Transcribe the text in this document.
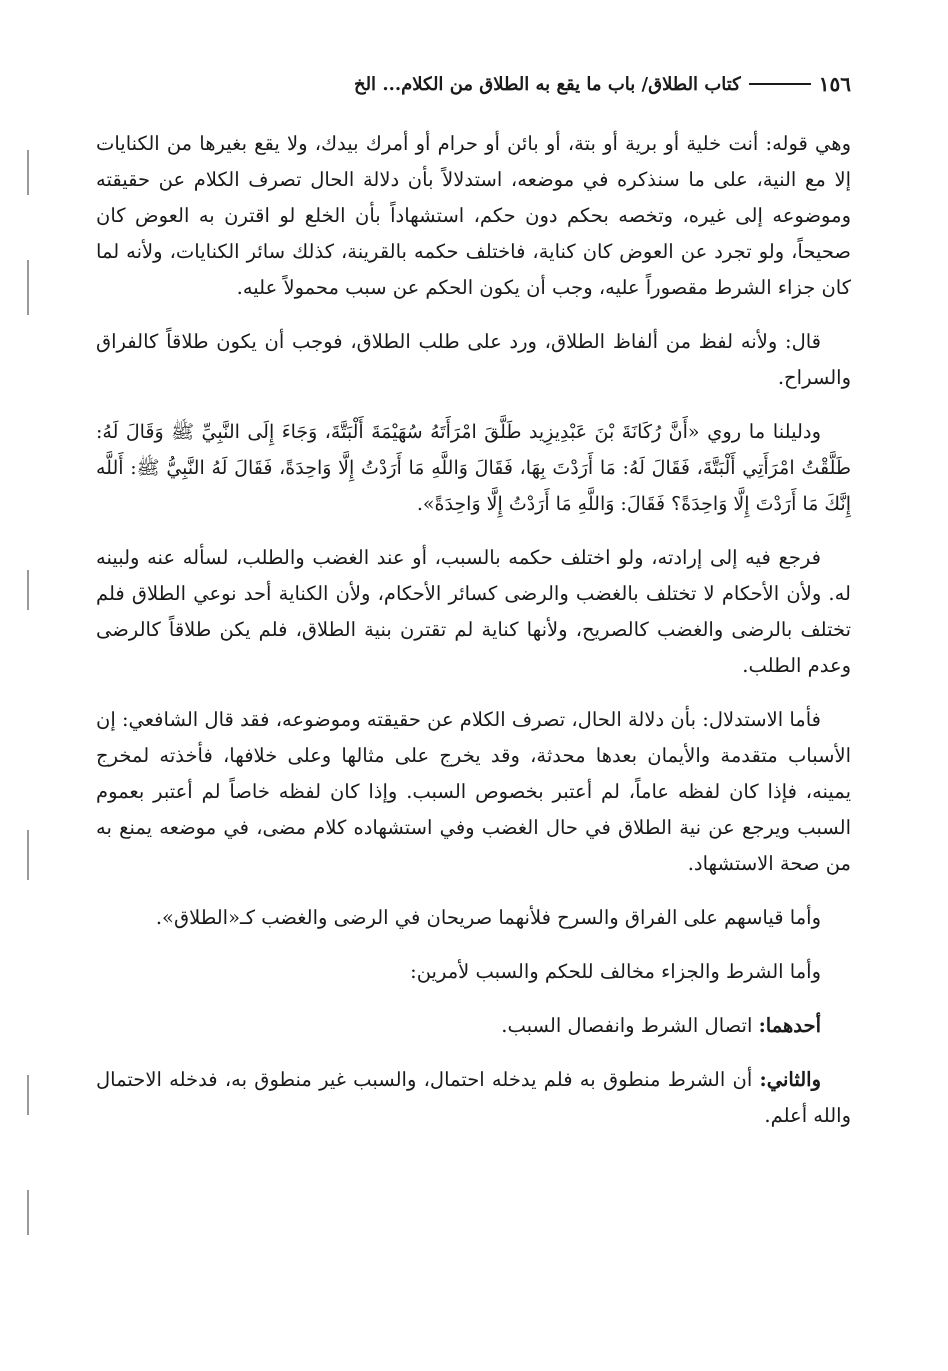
١٥٦
كتاب الطلاق/ باب ما يقع به الطلاق من الكلام... الخ

وهي قوله: أنت خلية أو برية أو بتة، أو بائن أو حرام أو أمرك بيدك، ولا يقع بغيرها من الكنايات إلا مع النية، على ما سنذكره في موضعه، استدلالاً بأن دلالة الحال تصرف الكلام عن حقيقته وموضوعه إلى غيره، وتخصه بحكم دون حكم، استشهاداً بأن الخلع لو اقترن به العوض كان صحيحاً، ولو تجرد عن العوض كان كناية، فاختلف حكمه بالقرينة، كذلك سائر الكنايات، ولأنه لما كان جزاء الشرط مقصوراً عليه، وجب أن يكون الحكم عن سبب محمولاً عليه.

قال: ولأنه لفظ من ألفاظ الطلاق، ورد على طلب الطلاق، فوجب أن يكون طلاقاً كالفراق والسراح.

ودليلنا ما روي «أَنَّ رُكَانَةَ بْنَ عَبْدِيزِيد طَلَّقَ امْرَأَتَهُ سُهَيْمَةَ أَلْبَتَّةَ، وَجَاءَ إِلَى النَّبِيِّ ﷺ وَقَالَ لَهُ: طَلَّقْتُ امْرَأَتِي أَلْبَتَّةَ، فَقَالَ لَهُ: مَا أَرَدْتَ بِهَا، فَقَالَ وَاللَّهِ مَا أَرَدْتُ إِلَّا وَاحِدَةً، فَقَالَ لَهُ النَّبِيُّ ﷺ: أَللَّه إِنَّكَ مَا أَرَدْتَ إِلَّا وَاحِدَةً؟ فَقَالَ: وَاللَّهِ مَا أَرَدْتُ إِلَّا وَاحِدَةً».

فرجع فيه إلى إرادته، ولو اختلف حكمه بالسبب، أو عند الغضب والطلب، لسأله عنه ولبينه له. ولأن الأحكام لا تختلف بالغضب والرضى كسائر الأحكام، ولأن الكناية أحد نوعي الطلاق فلم تختلف بالرضى والغضب كالصريح، ولأنها كناية لم تقترن بنية الطلاق، فلم يكن طلاقاً كالرضى وعدم الطلب.

فأما الاستدلال: بأن دلالة الحال، تصرف الكلام عن حقيقته وموضوعه، فقد قال الشافعي: إن الأسباب متقدمة والأيمان بعدها محدثة، وقد يخرج على مثالها وعلى خلافها، فأخذته لمخرج يمينه، فإذا كان لفظه عاماً، لم أعتبر بخصوص السبب. وإذا كان لفظه خاصاً لم أعتبر بعموم السبب ويرجع عن نية الطلاق في حال الغضب وفي استشهاده كلام مضى، في موضعه يمنع به من صحة الاستشهاد.

وأما قياسهم على الفراق والسرح فلأنهما صريحان في الرضى والغضب كـ«الطلاق».

وأما الشرط والجزاء مخالف للحكم والسبب لأمرين:

أحدهما: اتصال الشرط وانفصال السبب.

والثاني: أن الشرط منطوق به فلم يدخله احتمال، والسبب غير منطوق به، فدخله الاحتمال والله أعلم.
